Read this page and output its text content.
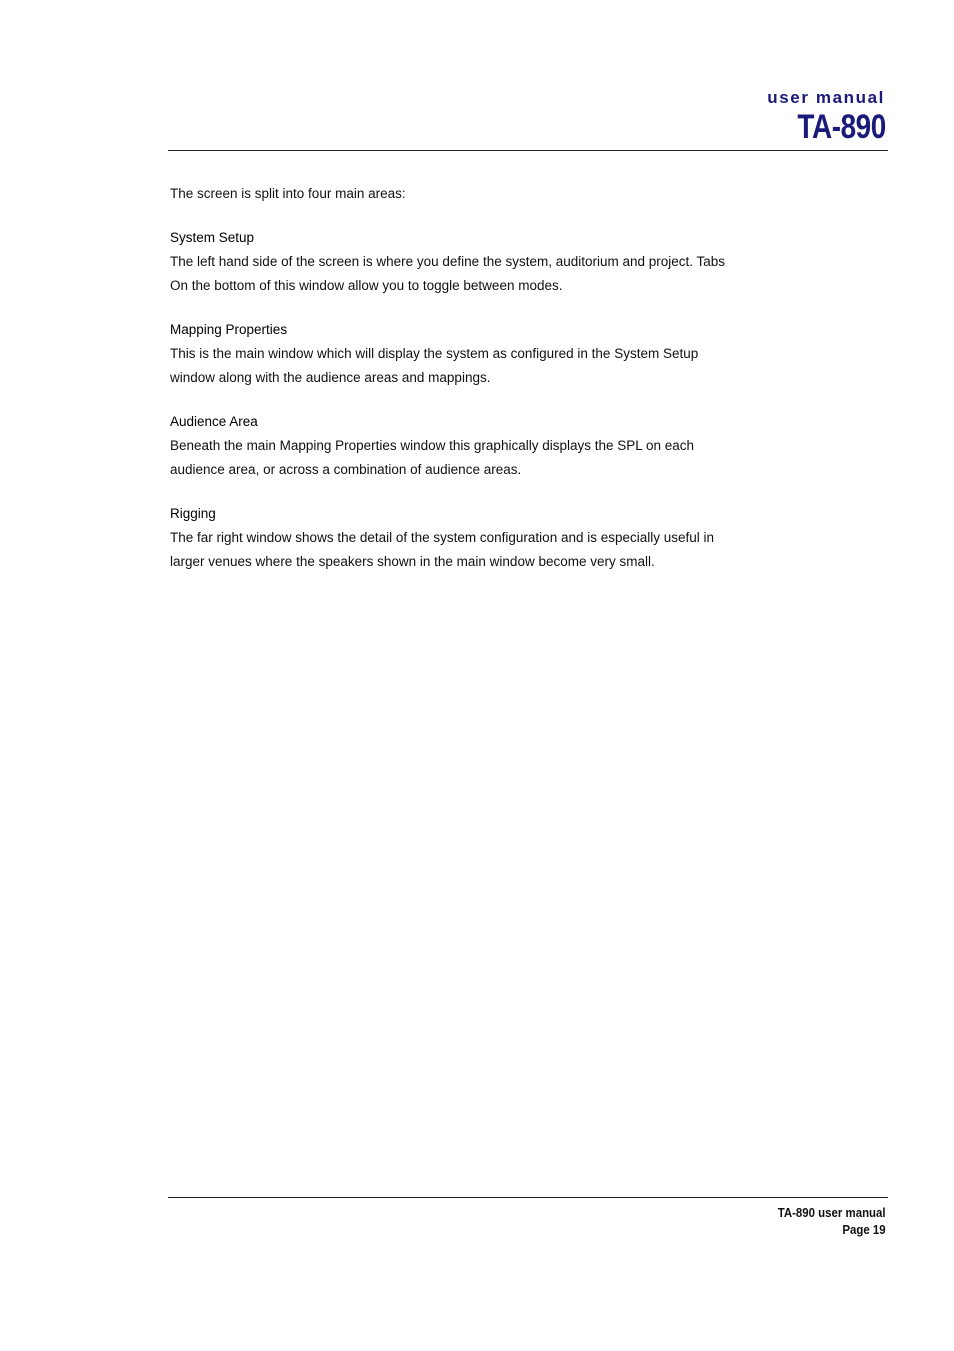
user manual
TA-890

The screen is split into four main areas:

System Setup

The left hand side of the screen is where you define the system, auditorium and project. Tabs

On the bottom of this window allow you to toggle between modes.

Mapping Properties

This is the main window which will display the system as configured in the System Setup

window along with the audience areas and mappings.

Audience Area

Beneath the main Mapping Properties window this graphically displays the SPL on each

audience area, or across a combination of audience areas.

Rigging

The far right window shows the detail of the system configuration and is especially useful in

larger venues where the speakers shown in the main window become very small.

TA-890 user manual
Page 19
